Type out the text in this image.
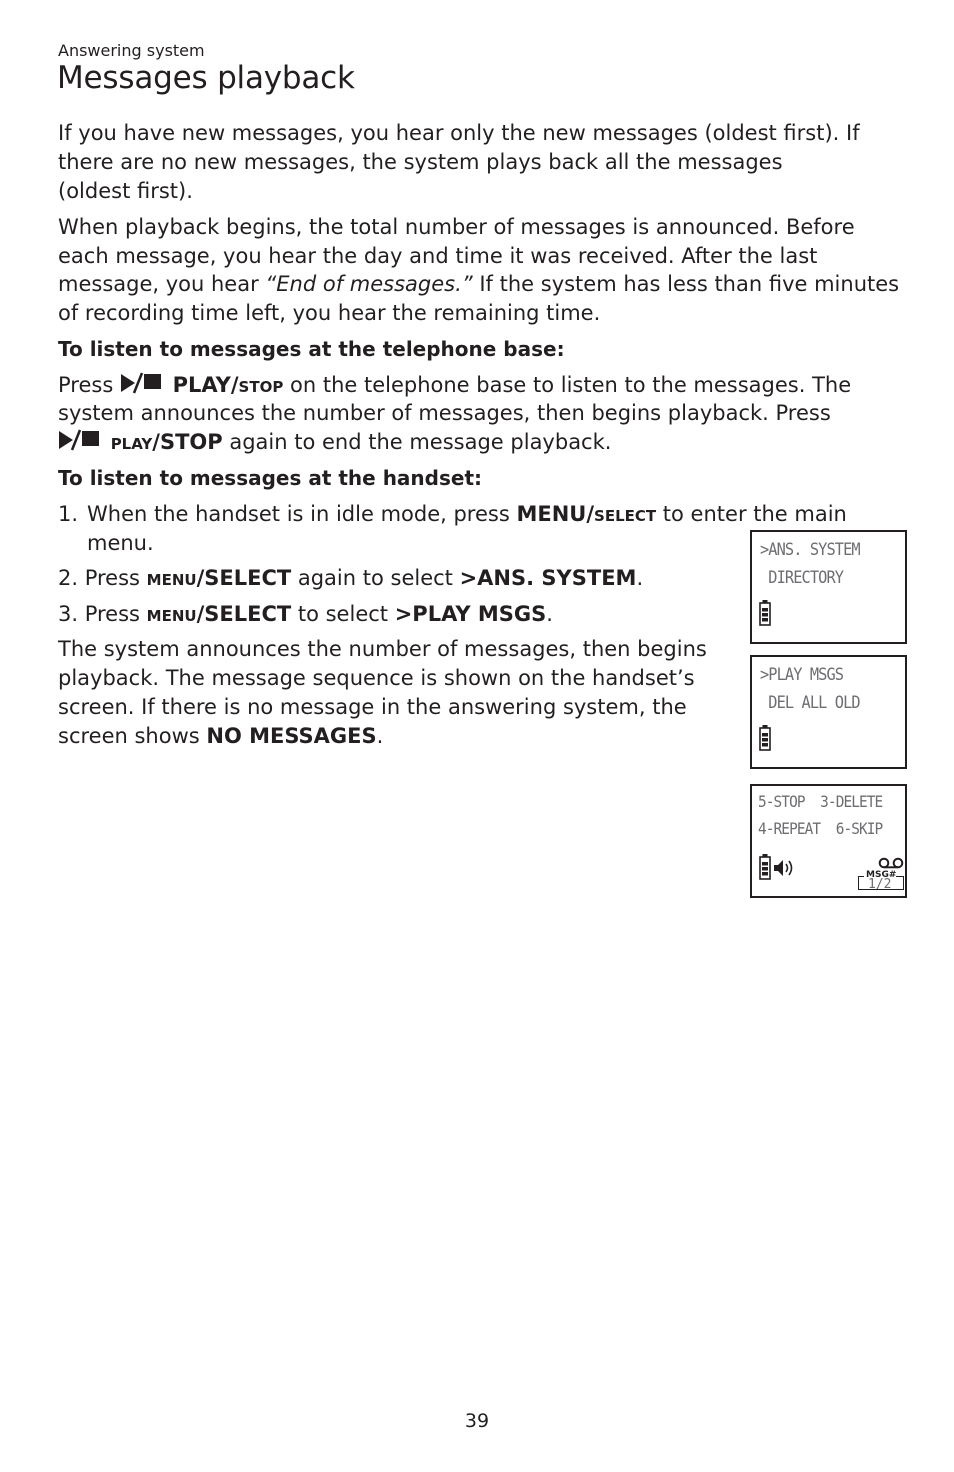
Answering system
Messages playback

If you have new messages, you hear only the new messages (oldest first). If

there are no new messages, the system plays back all the messages

(oldest first).

When playback begins, the total number of messages is announced. Before

each message, you hear the day and time it was received. After the last

message, you hear “End of messages.” If the system has less than five minutes

of recording time left, you hear the remaining time.

To listen to messages at the telephone base:

Press	PLAY/STOP on the telephone base to listen to the messages. The

system announces the number of messages, then begins playback. Press

PLAY/STOP again to end the message playback.

To listen to messages at the handset:

1. When the handset is in idle mode, press MENU/SELECT to enter the main
menu.

2. Press MENU/SELECT again to select >ANS. SYSTEM.

3. Press MENU/SELECT to select >PLAY MSGS.

The system announces the number of messages, then begins

playback. The message sequence is shown on the handset’s

screen. If there is no message in the answering system, the

screen shows NO MESSAGES.

>ANS. SYSTEM
DIRECTORY
>PLAY MSGS
DEL ALL OLD
5-STOP  3-DELETE
4-REPEAT  6-SKIP
MSG#
1/2
39
